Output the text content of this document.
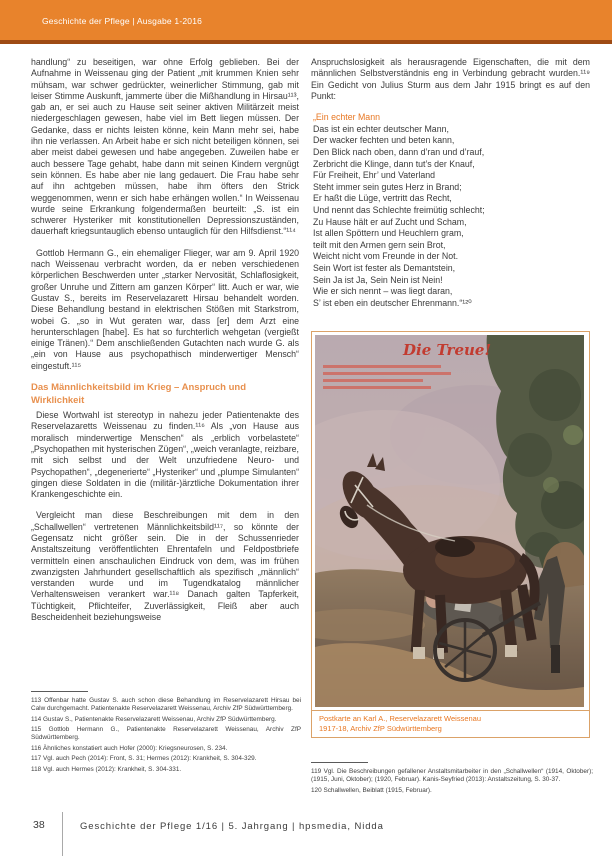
Geschichte der Pflege | Ausgabe 1-2016

handlung“ zu beseitigen, war ohne Erfolg geblieben. Bei der Aufnahme in Weissenau ging der Patient „mit krummen Knien sehr mühsam, war schwer gedrückter, weinerlicher Stimmung, gab mit leiser Stimme Auskunft, jammerte über die Mißhandlung in Hirsau¹¹³, gab an, er sei auch zu Hause seit seiner aktiven Militärzeit meist niedergeschlagen gewesen, habe viel im Bett liegen müssen. Der Gedanke, dass er nichts leisten könne, kein Mann mehr sei, habe ihn nie verlassen. An Arbeit habe er sich nicht beteiligen können, sei aber meist dabei gewesen und habe angegeben. Zuweilen habe er auch bessere Tage gehabt, habe dann mit seinen Kindern vergnügt sein können. Es habe aber nie lang gedauert. Die Frau habe sehr auf ihn achtgeben müssen, habe ihm öfters den Strick weggenommen, wenn er sich habe erhängen wollen.“ In Weissenau wurde seine Erkrankung folgendermaßen beurteilt: „S. ist ein schwerer Hysteriker mit konstitutionellen Depressionszuständen, dauerhaft kriegsuntauglich ebenso untauglich für den Hilfsdienst.“¹¹⁴

Gottlob Hermann G., ein ehemaliger Flieger, war am 9. April 1920 nach Weissenau verbracht worden, da er neben verschiedenen körperlichen Beschwerden unter „starker Nervosität, Schlaflosigkeit, großer Unruhe und Zittern am ganzen Körper“ litt. Auch er war, wie Gustav S., bereits im Reservelazarett Hirsau behandelt worden. Diese Behandlung bestand in elektrischen Stößen mit Starkstrom, wobei G. „so in Wut geraten war, dass [er] dem Arzt eine herunterschlagen [habe]. Es hat so furchterlich wehgetan (vergießt einige Tränen).“ Dem anschließenden Gutachten nach wurde G. als „ein von Hause aus psychopathisch minderwertiger Mensch“ eingestuft.¹¹⁵

Das Männlichkeitsbild im Krieg – Anspruch und Wirklichkeit

Diese Wortwahl ist stereotyp in nahezu jeder Patientenakte des Reservelazaretts Weissenau zu finden.¹¹⁶ Als „von Hause aus moralisch minderwertige Menschen“ als „erblich vorbelastete“ „Psychopathen mit hysterischen Zügen“, „weich veranlagte, reizbare, mit sich selbst und der Welt unzufriedene Neuro- und Psychopathen“, „degenerierte“ „Hysteriker“ und „plumpe Simulanten“ gingen diese Soldaten in die (militär-)ärztliche Dokumentation ihrer Krankengeschichte ein.

Vergleicht man diese Beschreibungen mit dem in den „Schallwellen“ vertretenen Männlichkeitsbild¹¹⁷, so könnte der Gegensatz nicht größer sein. Die in der Schussenrieder Anstaltszeitung veröffentlichten Ehrentafeln und Feldpostbriefe vermitteln einen anschaulichen Eindruck von dem, was im frühen zwanzigsten Jahrhundert gesellschaftlich als spezifisch „männlich“ verstanden wurde und im Tugendkatalog männlicher Verhaltensweisen verankert war.¹¹⁸ Danach galten Tapferkeit, Tüchtigkeit, Pflichteifer, Zuverlässigkeit, Fleiß aber auch Bescheidenheit beziehungsweise

113 Offenbar hatte Gustav S. auch schon diese Behandlung im Reservelazarett Hirsau bei Calw durchgemacht. Patientenakte Reservelazarett Weissenau, Archiv ZfP Südwürttemberg.
114 Gustav S., Patientenakte Reservelazarett Weissenau, Archiv ZfP Südwürttemberg.
115 Gottlob Hermann G., Patientenakte Reservelazarett Weissenau, Archiv ZfP Südwürttemberg.
116 Ähnliches konstatiert auch Hofer (2000): Kriegsneurosen, S. 234.
117 Vgl. auch Pech (2014): Front, S. 31; Hermes (2012): Krankheit, S. 304-329.
118 Vgl. auch Hermes (2012): Krankheit, S. 304-331.

Anspruchslosigkeit als herausragende Eigenschaften, die mit dem männlichen Selbstverständnis eng in Verbindung gebracht wurden.¹¹⁹ Ein Gedicht von Julius Sturm aus dem Jahr 1915 bringt es auf den Punkt:

„Ein echter Mann
Das ist ein echter deutscher Mann,
Der wacker fechten und beten kann,
Den Blick nach oben, dann d’ran und d’rauf,
Zerbricht die Klinge, dann tut’s der Knauf,
Für Freiheit, Ehr’ und Vaterland
Steht immer sein gutes Herz in Brand;
Er haßt die Lüge, vertritt das Recht,
Und nennt das Schlechte freimütig schlecht;
Zu Hause hält er auf Zucht und Scham,
Ist allen Spöttern und Heuchlern gram,
teilt mit den Armen gern sein Brot,
Weicht nicht vom Freunde in der Not.
Sein Wort ist fester als Demantstein,
Sein Ja ist Ja, Sein Nein ist Nein!
Wie er sich nennt – was liegt daran,
S’ ist eben ein deutscher Ehrenmann.“¹²⁰
Die Treue!
Postkarte an Karl A., Reservelazarett Weissenau
1917-18, Archiv ZfP Südwürttemberg
119 Vgl. Die Beschreibungen gefallener Anstaltsmitarbeiter in den „Schallwellen“ (1914, Oktober); (1915, Juni, Oktober); (1920, Februar). Kanis-Seyfried (2013): Anstaltszeitung, S. 30-37.
120 Schallwellen, Beiblatt (1915, Februar).
38	Geschichte der Pflege 1/16 | 5. Jahrgang | hpsmedia, Nidda
